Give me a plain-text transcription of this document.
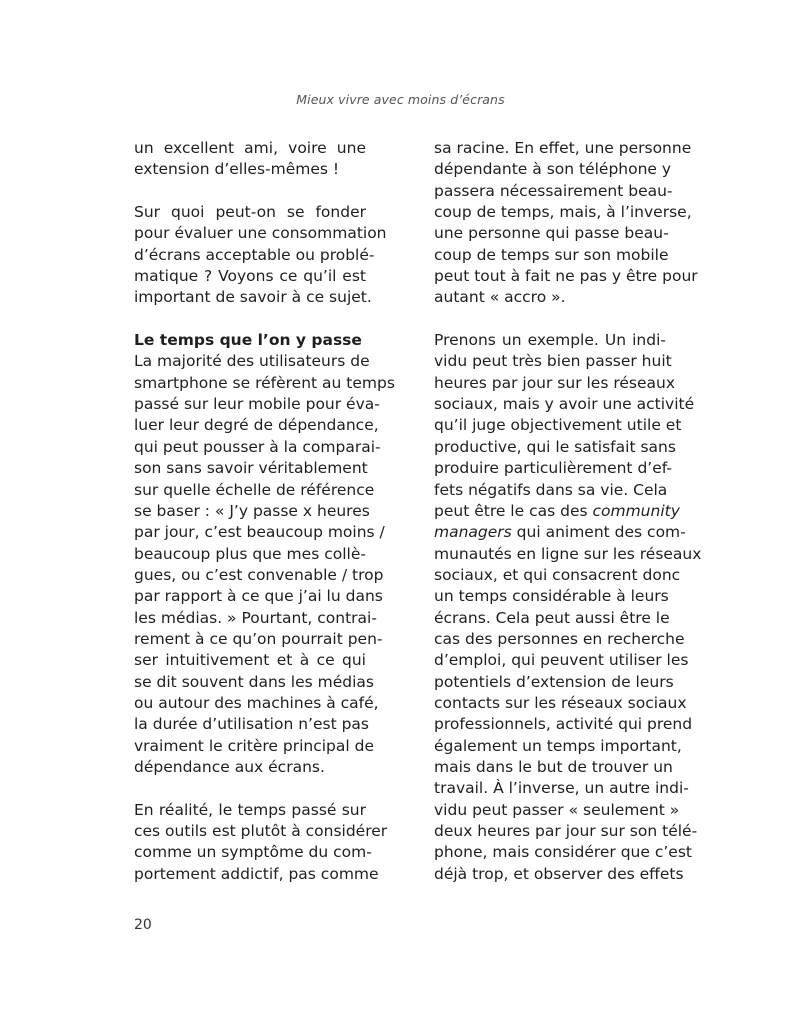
Mieux vivre avec moins d’écrans
un excellent ami, voire une
extension d’elles-mêmes !
Sur quoi peut-on se fonder
pour évaluer une consommation
d’écrans acceptable ou problé-
matique ? Voyons ce qu’il est
important de savoir à ce sujet.
Le temps que l’on y passe
La majorité des utilisateurs de
smartphone se réfèrent au temps
passé sur leur mobile pour éva-
luer leur degré de dépendance,
qui peut pousser à la comparai-
son sans savoir véritablement
sur quelle échelle de référence
se baser : « J’y passe x heures
par jour, c’est beaucoup moins /
beaucoup plus que mes collè-
gues, ou c’est convenable / trop
par rapport à ce que j’ai lu dans
les médias. » Pourtant, contrai-
rement à ce qu’on pourrait pen-
ser intuitivement et à ce qui
se dit souvent dans les médias
ou autour des machines à café,
la durée d’utilisation n’est pas
vraiment le critère principal de
dépendance aux écrans.
En réalité, le temps passé sur
ces outils est plutôt à considérer
comme un symptôme du com-
portement addictif, pas comme
sa racine. En effet, une personne
dépendante à son téléphone y
passera nécessairement beau-
coup de temps, mais, à l’inverse,
une personne qui passe beau-
coup de temps sur son mobile
peut tout à fait ne pas y être pour
autant « accro ».
Prenons un exemple. Un indi-
vidu peut très bien passer huit
heures par jour sur les réseaux
sociaux, mais y avoir une activité
qu’il juge objectivement utile et
productive, qui le satisfait sans
produire particulièrement d’ef-
fets négatifs dans sa vie. Cela
peut être le cas des community
managers qui animent des com-
munautés en ligne sur les réseaux
sociaux, et qui consacrent donc
un temps considérable à leurs
écrans. Cela peut aussi être le
cas des personnes en recherche
d’emploi, qui peuvent utiliser les
potentiels d’extension de leurs
contacts sur les réseaux sociaux
professionnels, activité qui prend
également un temps important,
mais dans le but de trouver un
travail. À l’inverse, un autre indi-
vidu peut passer « seulement »
deux heures par jour sur son télé-
phone, mais considérer que c’est
déjà trop, et observer des effets
20
